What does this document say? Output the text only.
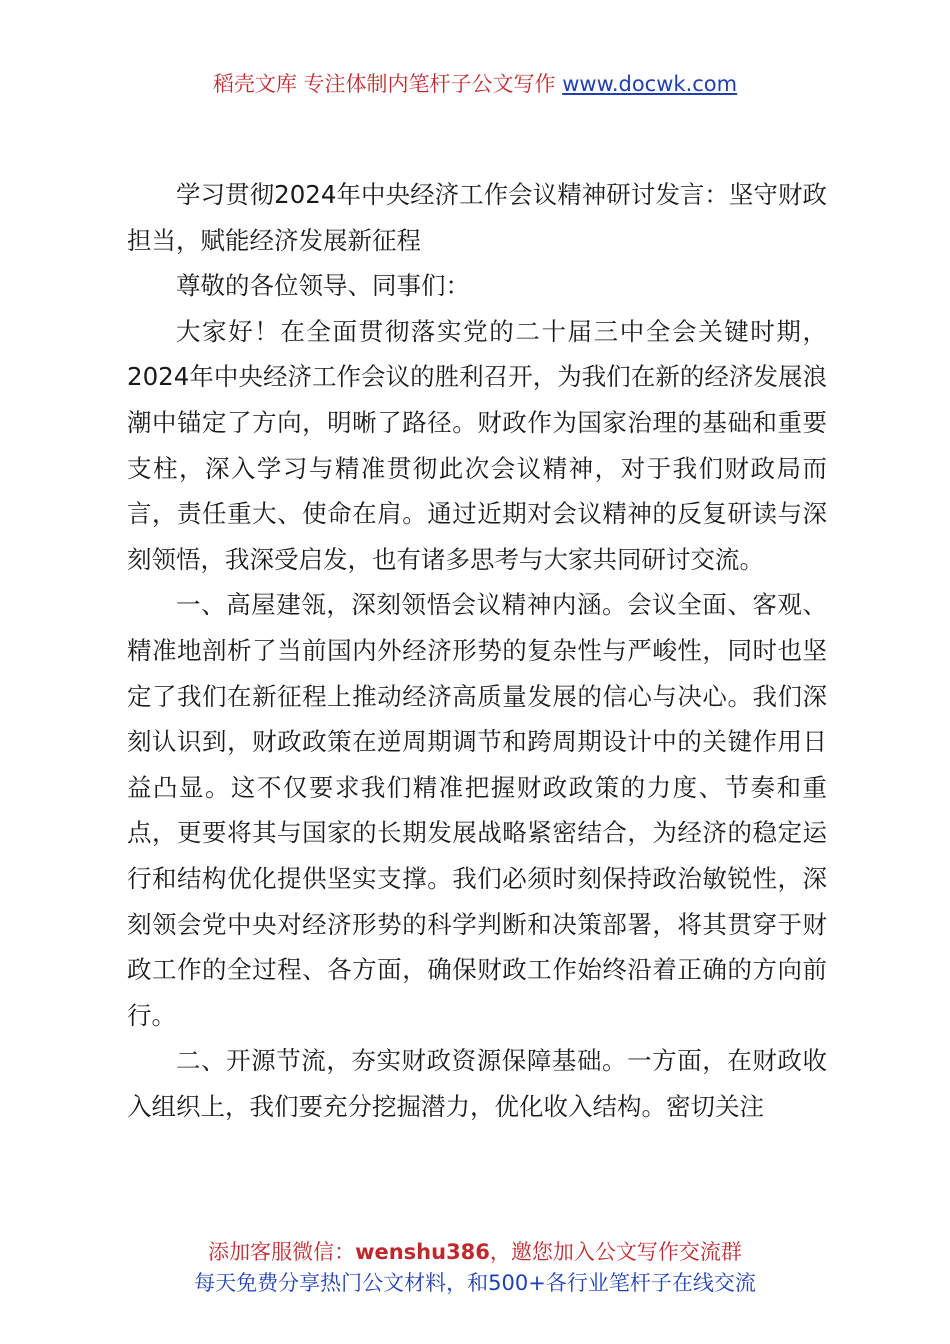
稻壳文库 专注体制内笔杆子公文写作 www.docwk.com

学习贯彻2024年中央经济工作会议精神研讨发言：坚守财政担当，赋能经济发展新征程

尊敬的各位领导、同事们：

大家好！在全面贯彻落实党的二十届三中全会关键时期，2024年中央经济工作会议的胜利召开，为我们在新的经济发展浪潮中锚定了方向，明晰了路径。财政作为国家治理的基础和重要支柱，深入学习与精准贯彻此次会议精神，对于我们财政局而言，责任重大、使命在肩。通过近期对会议精神的反复研读与深刻领悟，我深受启发，也有诸多思考与大家共同研讨交流。

一、高屋建瓴，深刻领悟会议精神内涵。会议全面、客观、精准地剖析了当前国内外经济形势的复杂性与严峻性，同时也坚定了我们在新征程上推动经济高质量发展的信心与决心。我们深刻认识到，财政政策在逆周期调节和跨周期设计中的关键作用日益凸显。这不仅要求我们精准把握财政政策的力度、节奏和重点，更要将其与国家的长期发展战略紧密结合，为经济的稳定运行和结构优化提供坚实支撑。我们必须时刻保持政治敏锐性，深刻领会党中央对经济形势的科学判断和决策部署，将其贯穿于财政工作的全过程、各方面，确保财政工作始终沿着正确的方向前行。

二、开源节流，夯实财政资源保障基础。一方面，在财政收入组织上，我们要充分挖掘潜力，优化收入结构。密切关注

添加客服微信：wenshu386，邀您加入公文写作交流群
每天免费分享热门公文材料，和500+各行业笔杆子在线交流
